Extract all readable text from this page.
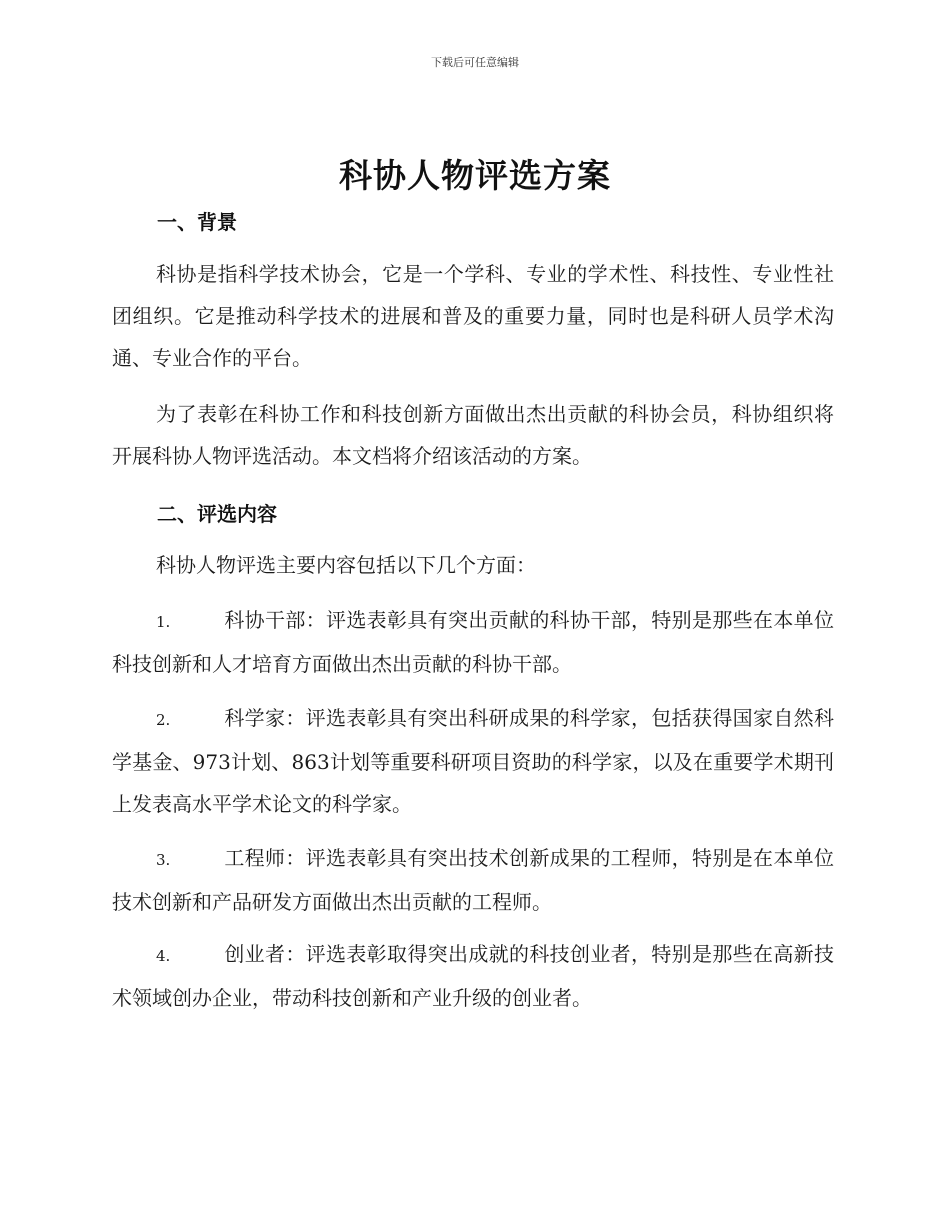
下载后可任意编辑
科协人物评选方案
一、背景
科协是指科学技术协会，它是一个学科、专业的学术性、科技性、专业性社团组织。它是推动科学技术的进展和普及的重要力量，同时也是科研人员学术沟通、专业合作的平台。
为了表彰在科协工作和科技创新方面做出杰出贡献的科协会员，科协组织将开展科协人物评选活动。本文档将介绍该活动的方案。
二、评选内容
科协人物评选主要内容包括以下几个方面：
1.	科协干部：评选表彰具有突出贡献的科协干部，特别是那些在本单位科技创新和人才培育方面做出杰出贡献的科协干部。
2.	科学家：评选表彰具有突出科研成果的科学家，包括获得国家自然科学基金、973计划、863计划等重要科研项目资助的科学家，以及在重要学术期刊上发表高水平学术论文的科学家。
3.	工程师：评选表彰具有突出技术创新成果的工程师，特别是在本单位技术创新和产品研发方面做出杰出贡献的工程师。
4.	创业者：评选表彰取得突出成就的科技创业者，特别是那些在高新技术领域创办企业，带动科技创新和产业升级的创业者。
